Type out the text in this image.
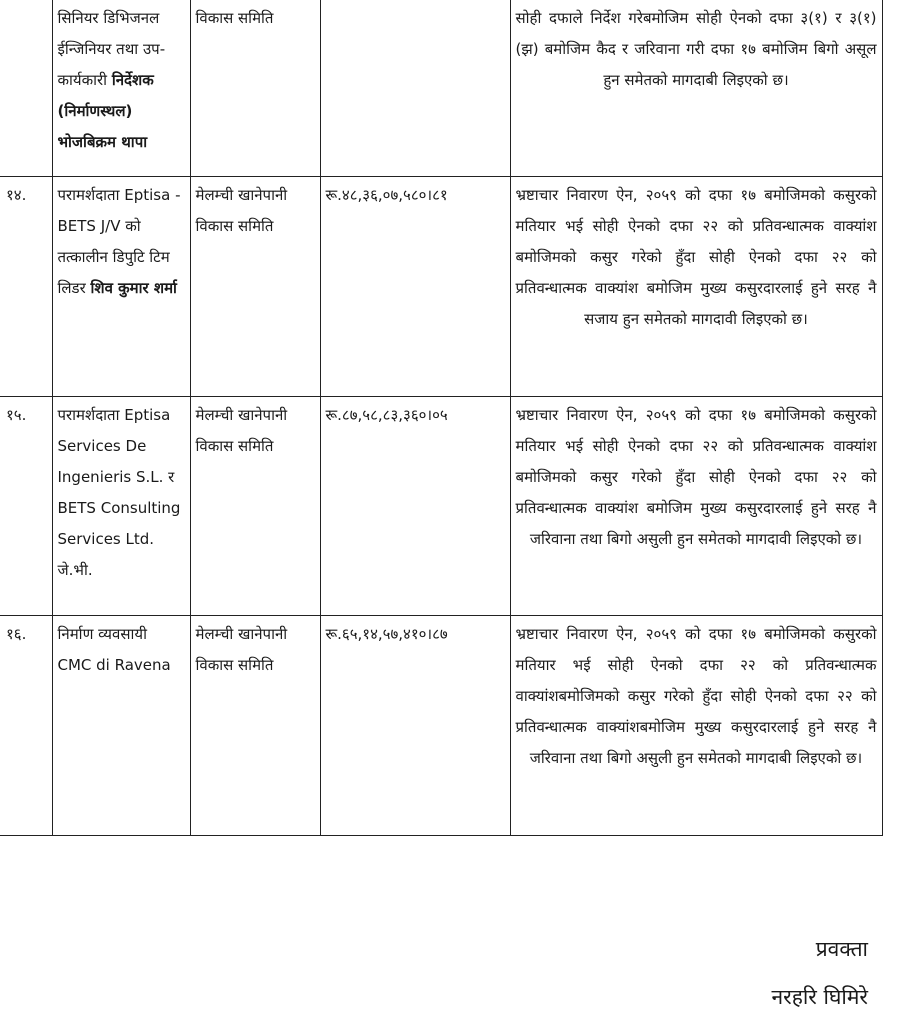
	सिनियर डिभिजनल ईन्जिनियर तथा उप-कार्यकारी निर्देशक (निर्माणस्थल) भोजबिक्रम थापा	विकास समिति		सोही दफाले निर्देश गरेबमोजिम सोही ऐनको दफा ३(१) र ३(१) (झ) बमोजिम कैद र जरिवाना गरी दफा १७ बमोजिम बिगो असूल हुन समेतको मागदाबी लिइएको छ।
१४.	परामर्शदाता Eptisa - BETS J/V को तत्कालीन डिपुटि टिम लिडर शिव कुमार शर्मा	मेलम्ची खानेपानी विकास समिति	रू.४८,३६,०७,५८०।८१	भ्रष्टाचार निवारण ऐन, २०५९ को दफा १७ बमोजिमको कसुरको मतियार भई सोही ऐनको दफा २२ को प्रतिवन्धात्मक वाक्यांश बमोजिमको कसुर गरेको हुँदा सोही ऐनको दफा २२ को प्रतिवन्धात्मक वाक्यांश बमोजिम मुख्य कसुरदारलाई हुने सरह नै सजाय हुन समेतको मागदावी लिइएको छ।
१५.	परामर्शदाता Eptisa Services De Ingenieris S.L. र BETS Consulting Services Ltd. जे.भी.	मेलम्ची खानेपानी विकास समिति	रू.८७,५८,८३,३६०।०५	भ्रष्टाचार निवारण ऐन, २०५९ को दफा १७ बमोजिमको कसुरको मतियार भई सोही ऐनको दफा २२ को प्रतिवन्धात्मक वाक्यांश बमोजिमको कसुर गरेको हुँदा सोही ऐनको दफा २२ को प्रतिवन्धात्मक वाक्यांश बमोजिम मुख्य कसुरदारलाई हुने सरह नै जरिवाना तथा बिगो असुली हुन समेतको मागदावी लिइएको छ।
१६.	निर्माण व्यवसायी CMC di Ravena	मेलम्ची खानेपानी विकास समिति	रू.६५,१४,५७,४१०।८७	भ्रष्टाचार निवारण ऐन, २०५९ को दफा १७ बमोजिमको कसुरको मतियार भई सोही ऐनको दफा २२ को प्रतिवन्धात्मक वाक्यांशबमोजिमको कसुर गरेको हुँदा सोही ऐनको दफा २२ को प्रतिवन्धात्मक वाक्यांशबमोजिम मुख्य कसुरदारलाई हुने सरह नै जरिवाना तथा बिगो असुली हुन समेतको मागदाबी लिइएको छ।
प्रवक्ता
नरहरि घिमिरे
